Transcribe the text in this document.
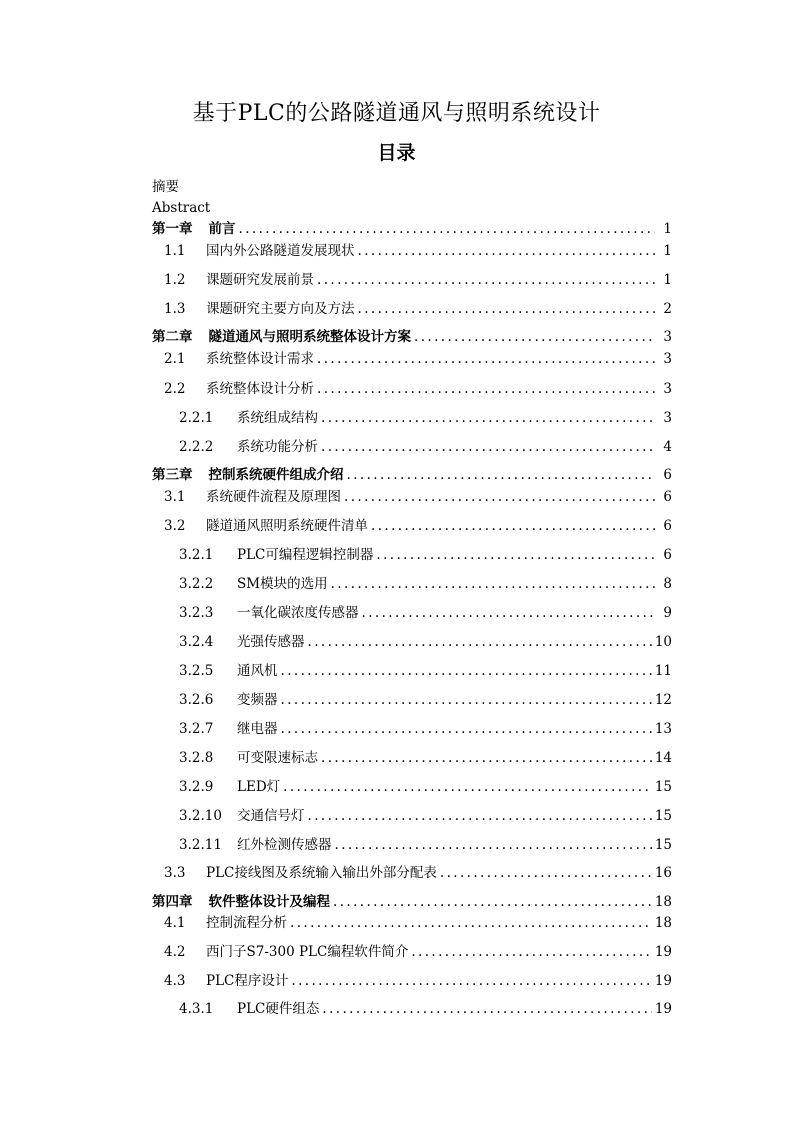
基于PLC的公路隧道通风与照明系统设计
目录
摘要
Abstract
第一章 前言 .....	1
1.1	国内外公路隧道发展现状 .....	1
1.2	课题研究发展前景 .....	1
1.3	课题研究主要方向及方法 .....	2
第二章 隧道通风与照明系统整体设计方案 .....	3
2.1	系统整体设计需求 .....	3
2.2	系统整体设计分析 .....	3
2.2.1	系统组成结构 .....	3
2.2.2	系统功能分析 .....	4
第三章 控制系统硬件组成介绍 .....	6
3.1	系统硬件流程及原理图 .....	6
3.2	隧道通风照明系统硬件清单 .....	6
3.2.1	PLC可编程逻辑控制器 .....	6
3.2.2	SM模块的选用 .....	8
3.2.3	一氧化碳浓度传感器 .....	9
3.2.4	光强传感器 .....	10
3.2.5	通风机 .....	11
3.2.6	变频器 .....	12
3.2.7	继电器 .....	13
3.2.8	可变限速标志 .....	14
3.2.9	LED灯 .....	15
3.2.10	交通信号灯 .....	15
3.2.11	红外检测传感器 .....	15
3.3	PLC接线图及系统输入输出外部分配表 .....	16
第四章 软件整体设计及编程 .....	18
4.1	控制流程分析 .....	18
4.2	西门子S7-300 PLC编程软件简介 .....	19
4.3	PLC程序设计 .....	19
4.3.1	PLC硬件组态 .....	19
